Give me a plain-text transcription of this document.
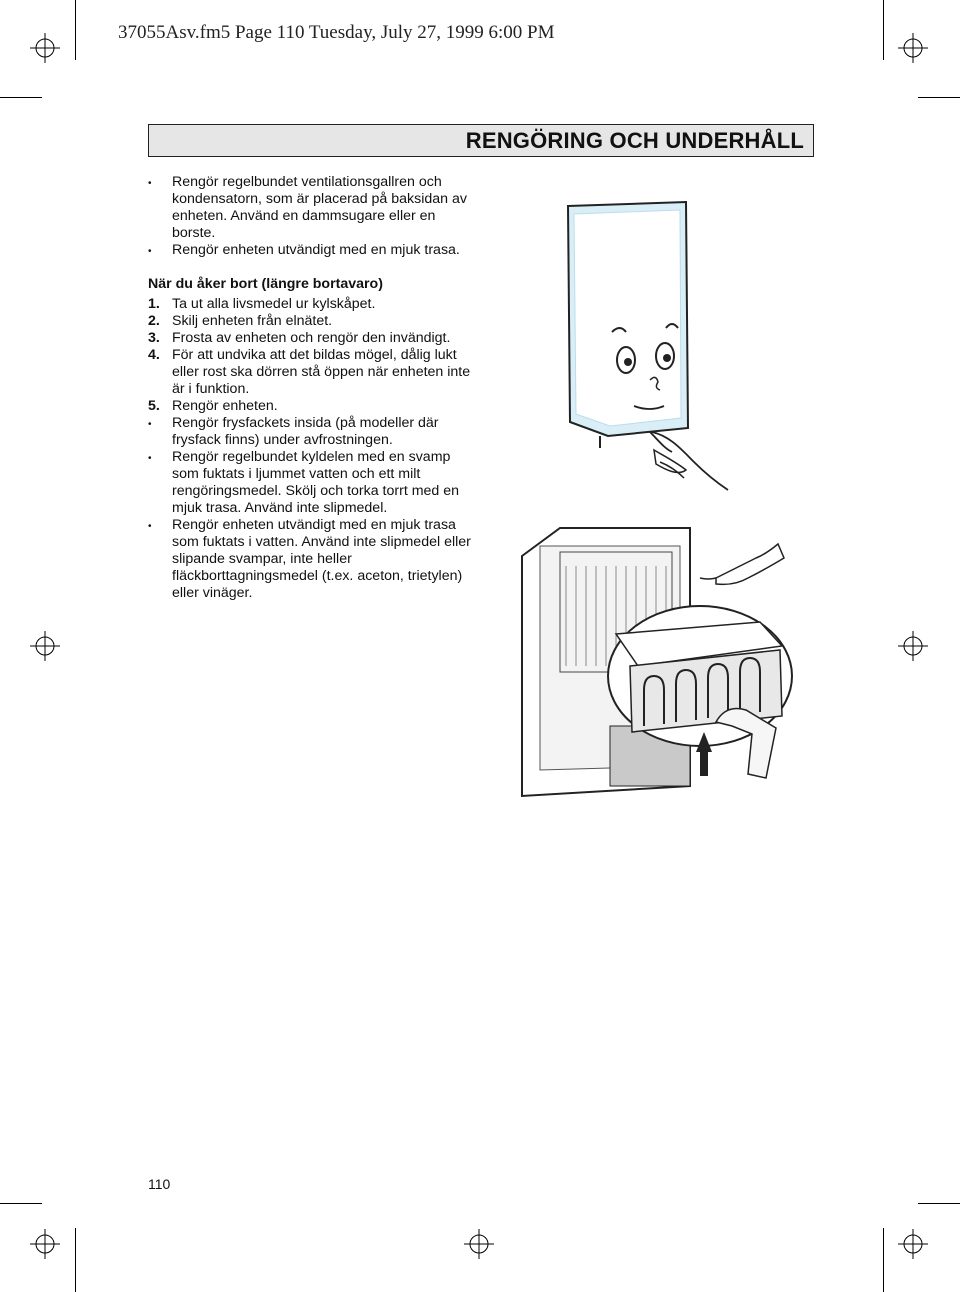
37055Asv.fm5 Page 110 Tuesday, July 27, 1999 6:00 PM
RENGÖRING OCH UNDERHÅLL
•	Rengör regelbundet ventilationsgallren och kondensatorn, som är placerad på baksidan av enheten. Använd en dammsugare eller en borste.
•	Rengör enheten utvändigt med en mjuk trasa.
När du åker bort (längre bortavaro)
1. Ta ut alla livsmedel ur kylskåpet.
2. Skilj enheten från elnätet.
3. Frosta av enheten och rengör den invändigt.
4. För att undvika att det bildas mögel, dålig lukt eller rost ska dörren stå öppen när enheten inte är i funktion.
5. Rengör enheten.
•	Rengör frysfackets insida (på modeller där frysfack finns) under avfrostningen.
•	Rengör regelbundet kyldelen med en svamp som fuktats i ljummet vatten och ett milt rengöringsmedel. Skölj och torka torrt med en mjuk trasa. Använd inte slipmedel.
•	Rengör enheten utvändigt med en mjuk trasa som fuktats i vatten. Använd inte slipmedel eller slipande svampar, inte heller fläckborttagningsmedel (t.ex. aceton, trietylen) eller vinäger.
110
